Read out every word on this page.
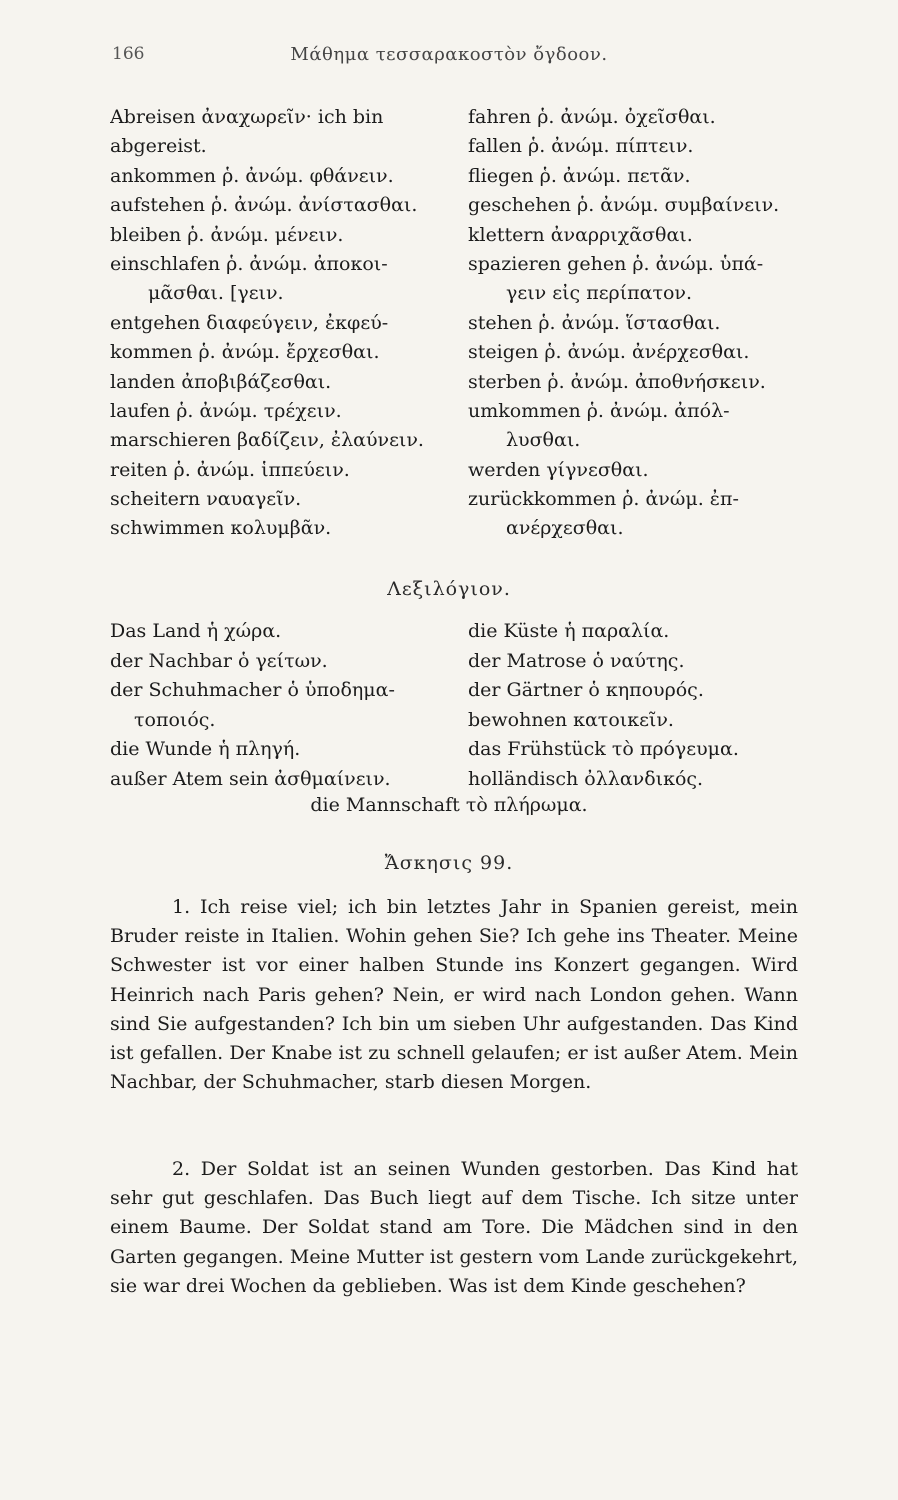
166	Μάθημα τεσσαρακοστὸν ὄγδοον.
Abreisen ἀναχωρεῖν· ich bin
abgereist.
ankommen ῥ. ἀνώμ. φθάνειν.
aufstehen ῥ. ἀνώμ. ἀνίστασθαι.
bleiben ῥ. ἀνώμ. μένειν.
einschlafen ῥ. ἀνώμ. ἀποκοι-
μᾶσθαι. [γειν.
entgehen διαφεύγειν, ἐκφεύ-
kommen ῥ. ἀνώμ. ἔρχεσθαι.
landen ἀποβιβάζεσθαι.
laufen ῥ. ἀνώμ. τρέχειν.
marschieren βαδίζειν, ἐλαύνειν.
reiten ῥ. ἀνώμ. ἱππεύειν.
scheitern ναυαγεῖν.
schwimmen κολυμβᾶν.
fahren ῥ. ἀνώμ. ὀχεῖσθαι.
fallen ῥ. ἀνώμ. πίπτειν.
fliegen ῥ. ἀνώμ. πετᾶν.
geschehen ῥ. ἀνώμ. συμβαίνειν.
klettern ἀναρριχᾶσθαι.
spazieren gehen ῥ. ἀνώμ. ὑπά-
γειν εἰς περίπατον.
stehen ῥ. ἀνώμ. ἵστασθαι.
steigen ῥ. ἀνώμ. ἀνέρχεσθαι.
sterben ῥ. ἀνώμ. ἀποθνήσκειν.
umkommen ῥ. ἀνώμ. ἀπόλ-
λυσθαι.
werden γίγνεσθαι.
zurückkommen ῥ. ἀνώμ. ἐπ-
ανέρχεσθαι.
Λεξιλόγιον.
Das Land ἡ χώρα.
der Nachbar ὁ γείτων.
der Schuhmacher ὁ ὑποδημα-
τοποιός.
die Wunde ἡ πληγή.
außer Atem sein ἀσθμαίνειν.
die Küste ἡ παραλία.
der Matrose ὁ ναύτης.
der Gärtner ὁ κηπουρός.
bewohnen κατοικεῖν.
das Frühstück τὸ πρόγευμα.
holländisch ὀλλανδικός.
die Mannschaft τὸ πλήρωμα.
Ἄσκησις 99.
1. Ich reise viel; ich bin letztes Jahr in Spanien gereist, mein Bruder reiste in Italien. Wohin gehen Sie? Ich gehe ins Theater. Meine Schwester ist vor einer halben Stunde ins Konzert gegangen. Wird Heinrich nach Paris gehen? Nein, er wird nach London gehen. Wann sind Sie aufgestanden? Ich bin um sieben Uhr aufgestanden. Das Kind ist gefallen. Der Knabe ist zu schnell gelaufen; er ist außer Atem. Mein Nachbar, der Schuhmacher, starb diesen Morgen.
2. Der Soldat ist an seinen Wunden gestorben. Das Kind hat sehr gut geschlafen. Das Buch liegt auf dem Tische. Ich sitze unter einem Baume. Der Soldat stand am Tore. Die Mädchen sind in den Garten gegangen. Meine Mutter ist gestern vom Lande zurückgekehrt, sie war drei Wochen da geblieben. Was ist dem Kinde geschehen?
